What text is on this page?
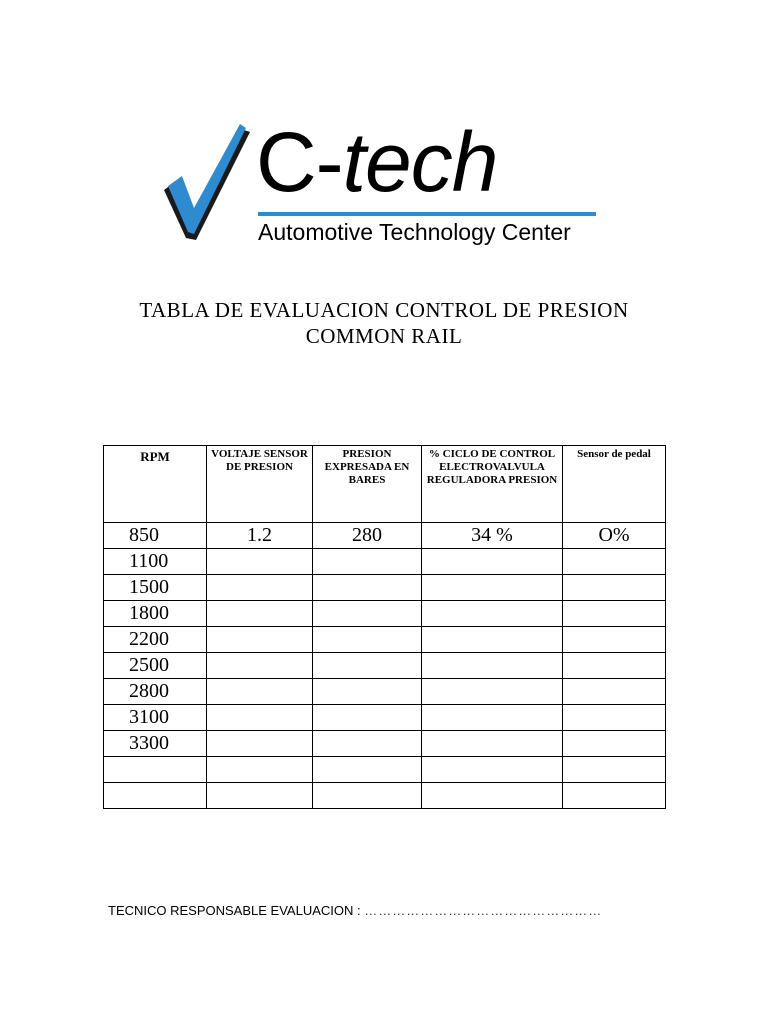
C-tech
Automotive Technology Center
TABLA DE EVALUACION CONTROL DE PRESION
COMMON RAIL
RPM	VOLTAJE SENSOR DE PRESION	PRESION EXPRESADA EN BARES	% CICLO DE CONTROL ELECTROVALVULA REGULADORA PRESION	Sensor de pedal
850	1.2	280	34 %	O%
1100				
1500				
1800				
2200				
2500				
2800				
3100				
3300				

TECNICO RESPONSABLE EVALUACION : ……………………………………………
